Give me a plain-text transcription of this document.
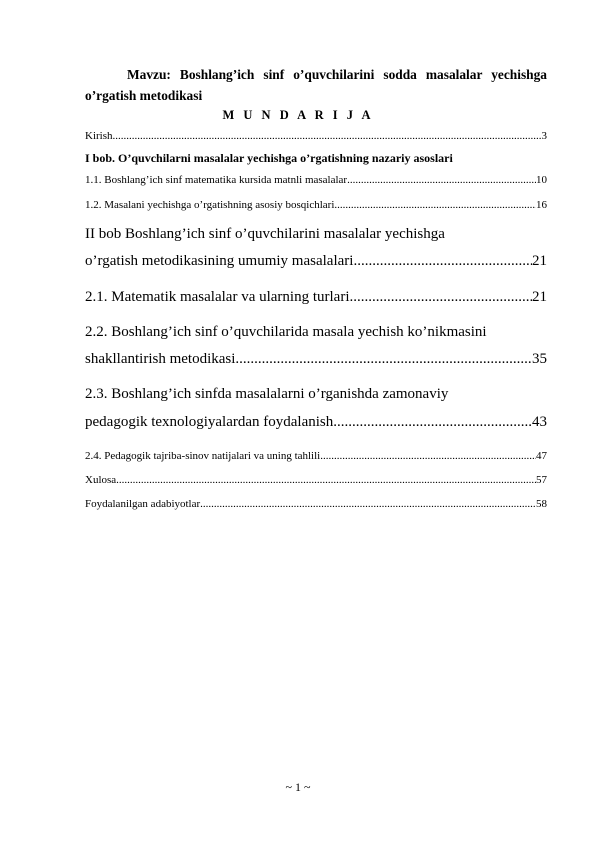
Mavzu: Boshlang’ich sinf o’quvchilarini sodda masalalar yechishga
o’rgatish metodikasi
M U N D A R I J A
Kirish .....	3
I bob. O’quvchilarni masalalar yechishga o’rgatishning nazariy asoslari
1.1. Boshlang’ich sinf matematika kursida matnli masalalar .....	10
1.2. Masalani yechishga o’rgatishning asosiy bosqichlari .....	16
II bob Boshlang’ich sinf o’quvchilarini masalalar yechishga
o’rgatish metodikasining umumiy masalalari .....	21
2.1. Matematik masalalar va ularning turlari .....	21
2.2. Boshlang’ich sinf o’quvchilarida masala yechish ko’nikmasini
shakllantirish metodikasi .....	35
2.3. Boshlang’ich sinfda masalalarni o’rganishda zamonaviy
pedagogik texnologiyalardan foydalanish .....	43
2.4. Pedagogik tajriba-sinov natijalari va uning tahlili .....	47
Xulosa .....	57
Foydalanilgan adabiyotlar .....	58
~ 1 ~
